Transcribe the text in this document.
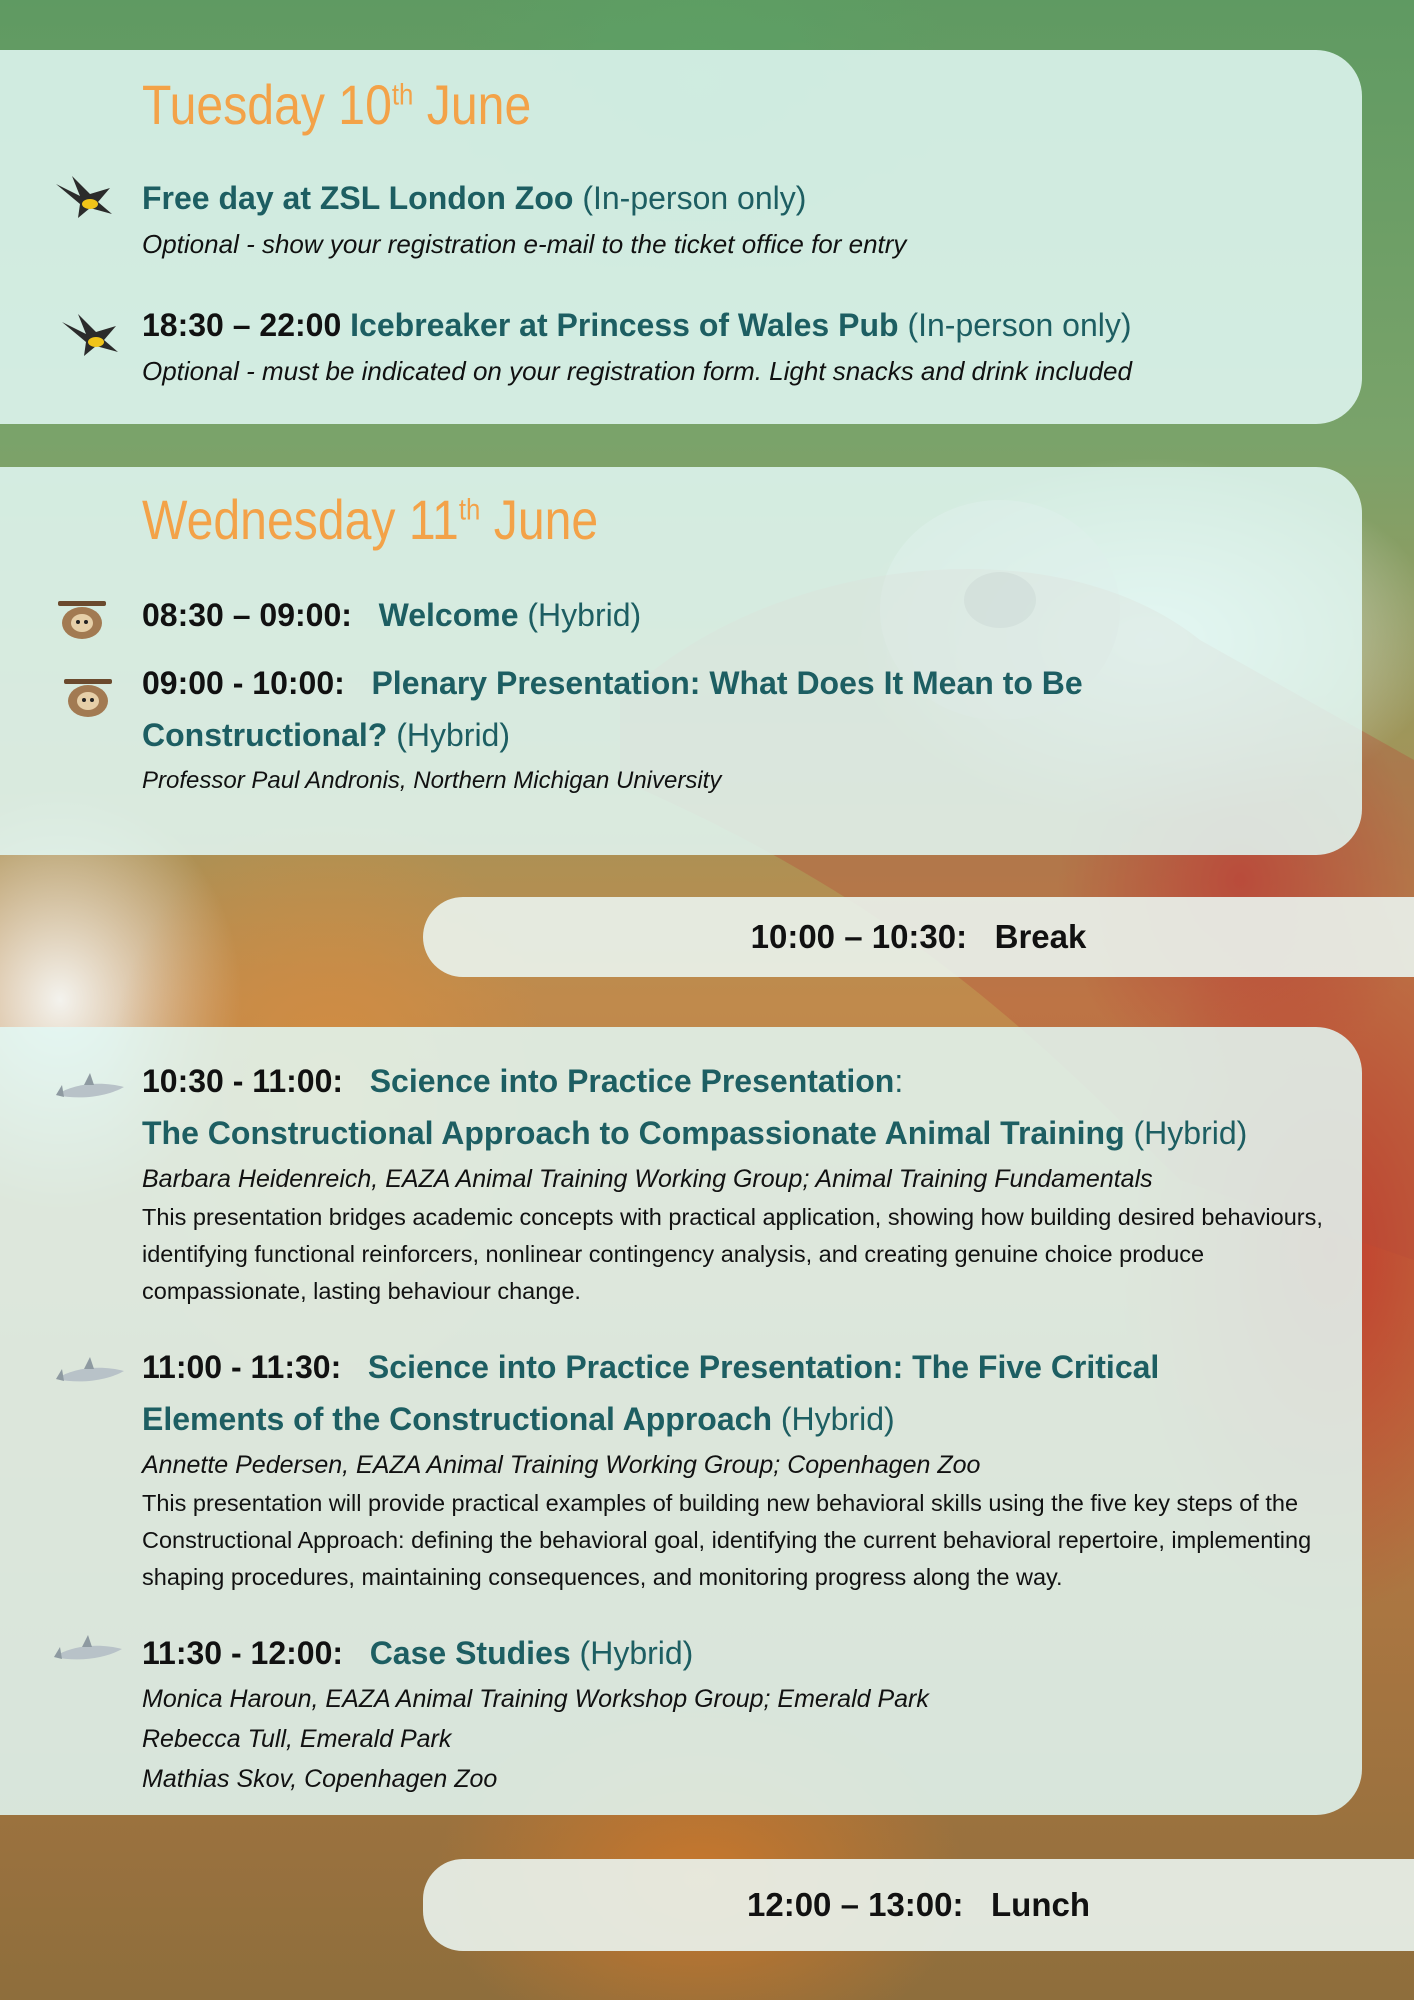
Tuesday 10th June
Free day at ZSL London Zoo (In-person only)
Optional - show your registration e-mail to the ticket office for entry
18:30 – 22:00 Icebreaker at Princess of Wales Pub (In-person only)
Optional - must be indicated on your registration form. Light snacks and drink included
Wednesday 11th June
08:30 – 09:00: Welcome (Hybrid)
09:00 - 10:00: Plenary Presentation: What Does It Mean to Be
Constructional? (Hybrid)
Professor Paul Andronis, Northern Michigan University
10:00 – 10:30: Break
10:30 - 11:00: Science into Practice Presentation:
The Constructional Approach to Compassionate Animal Training (Hybrid)
Barbara Heidenreich, EAZA Animal Training Working Group; Animal Training Fundamentals
This presentation bridges academic concepts with practical application, showing how building desired behaviours, identifying functional reinforcers, nonlinear contingency analysis, and creating genuine choice produce compassionate, lasting behaviour change.
11:00 - 11:30: Science into Practice Presentation: The Five Critical
Elements of the Constructional Approach (Hybrid)
Annette Pedersen, EAZA Animal Training Working Group; Copenhagen Zoo
This presentation will provide practical examples of building new behavioral skills using the five key steps of the Constructional Approach: defining the behavioral goal, identifying the current behavioral repertoire, implementing shaping procedures, maintaining consequences, and monitoring progress along the way.
11:30 - 12:00: Case Studies (Hybrid)
Monica Haroun, EAZA Animal Training Workshop Group; Emerald Park
Rebecca Tull, Emerald Park
Mathias Skov, Copenhagen Zoo
12:00 – 13:00: Lunch
